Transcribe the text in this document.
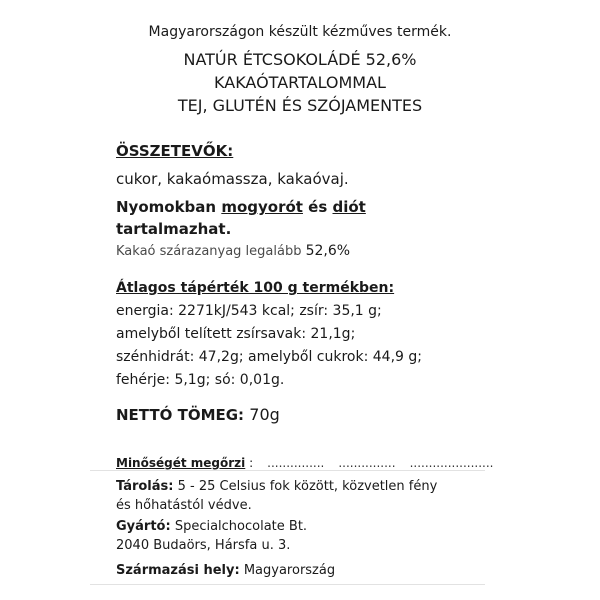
Magyarországon készült kézműves termék.
NATÚR ÉTCSOKOLÁDÉ 52,6%
KAKAÓTARTALOMMAL
TEJ, GLUTÉN ÉS SZÓJAMENTES
ÖSSZETEVŐK:
cukor, kakaómassza, kakaóvaj.
Nyomokban mogyorót és diót
tartalmazhat.
Kakaó szárazanyag legalább 52,6%
Átlagos tápérték 100 g termékben:
energia: 2271kJ/543 kcal; zsír: 35,1 g;
amelyből telített zsírsavak: 21,1g;
szénhidrát: 47,2g; amelyből cukrok: 44,9 g;
fehérje: 5,1g; só: 0,01g.
NETTÓ TÖMEG: 70g
Minőségét megőrzi : ............... ............... ......................
Tárolás: 5 - 25 Celsius fok között, közvetlen fény
és hőhatástól védve.
Gyártó: Specialchocolate Bt.
2040 Budaörs, Hársfa u. 3.
Származási hely: Magyarország
